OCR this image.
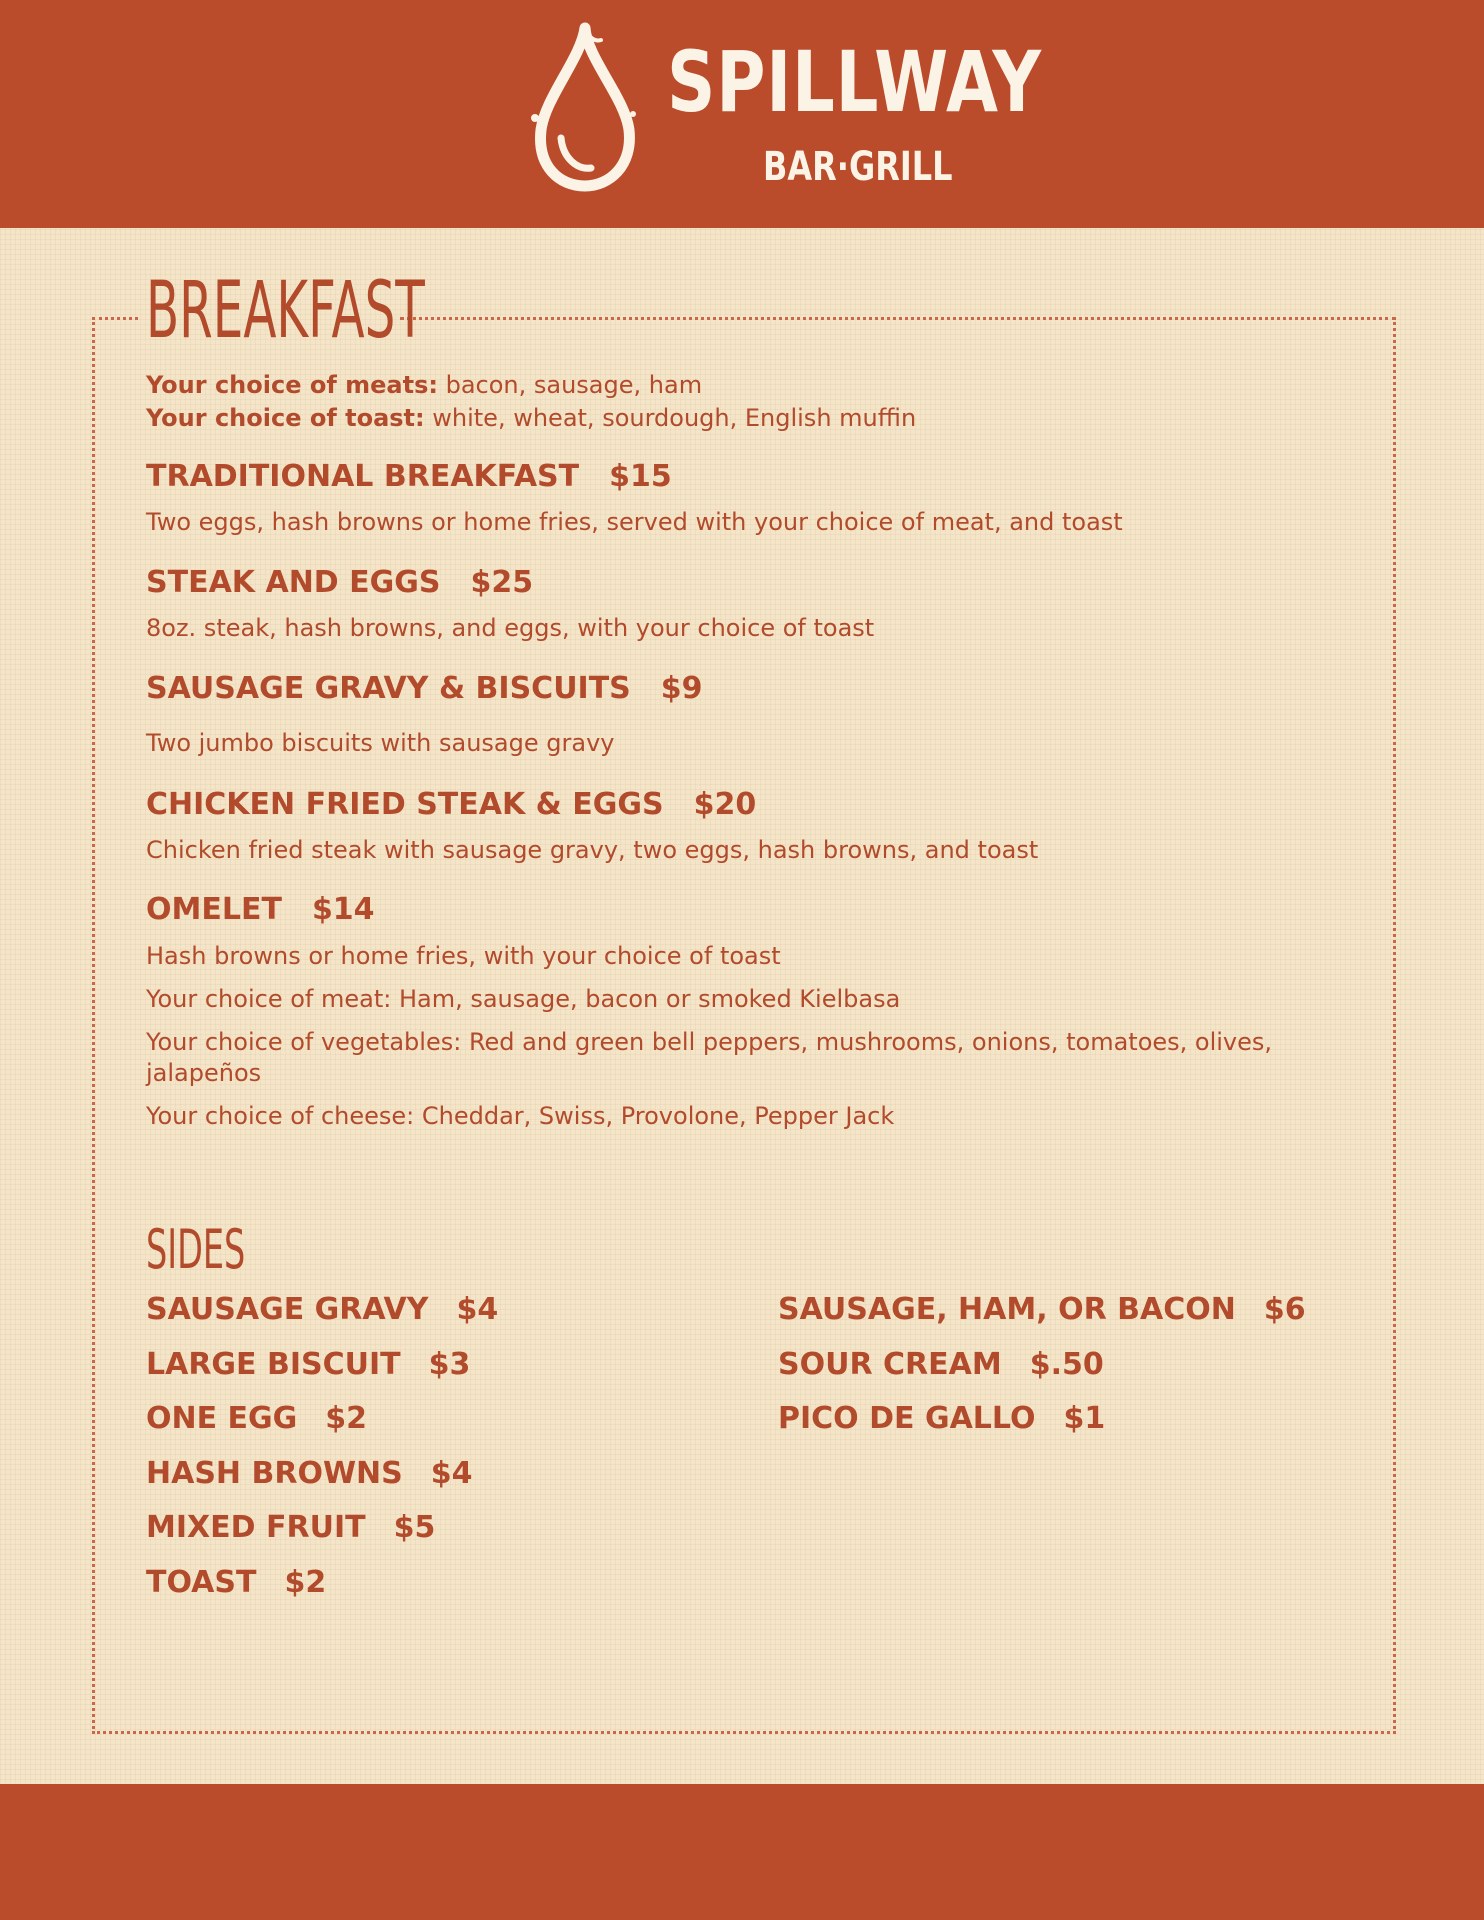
SPILLWAY
BAR·GRILL
BREAKFAST
Your choice of meats: bacon, sausage, ham
Your choice of toast: white, wheat, sourdough, English muffin
TRADITIONAL BREAKFAST $15
Two eggs, hash browns or home fries, served with your choice of meat, and toast
STEAK AND EGGS $25
8oz. steak, hash browns, and eggs, with your choice of toast
SAUSAGE GRAVY & BISCUITS $9
Two jumbo biscuits with sausage gravy
CHICKEN FRIED STEAK & EGGS $20
Chicken fried steak with sausage gravy, two eggs, hash browns, and toast
OMELET $14
Hash browns or home fries, with your choice of toast
Your choice of meat: Ham, sausage, bacon or smoked Kielbasa
Your choice of vegetables: Red and green bell peppers, mushrooms, onions, tomatoes, olives, jalapeños
Your choice of cheese: Cheddar, Swiss, Provolone, Pepper Jack
SIDES
SAUSAGE GRAVY $4
LARGE BISCUIT $3
ONE EGG $2
HASH BROWNS $4
MIXED FRUIT $5
TOAST $2
SAUSAGE, HAM, OR BACON $6
SOUR CREAM $.50
PICO DE GALLO $1
